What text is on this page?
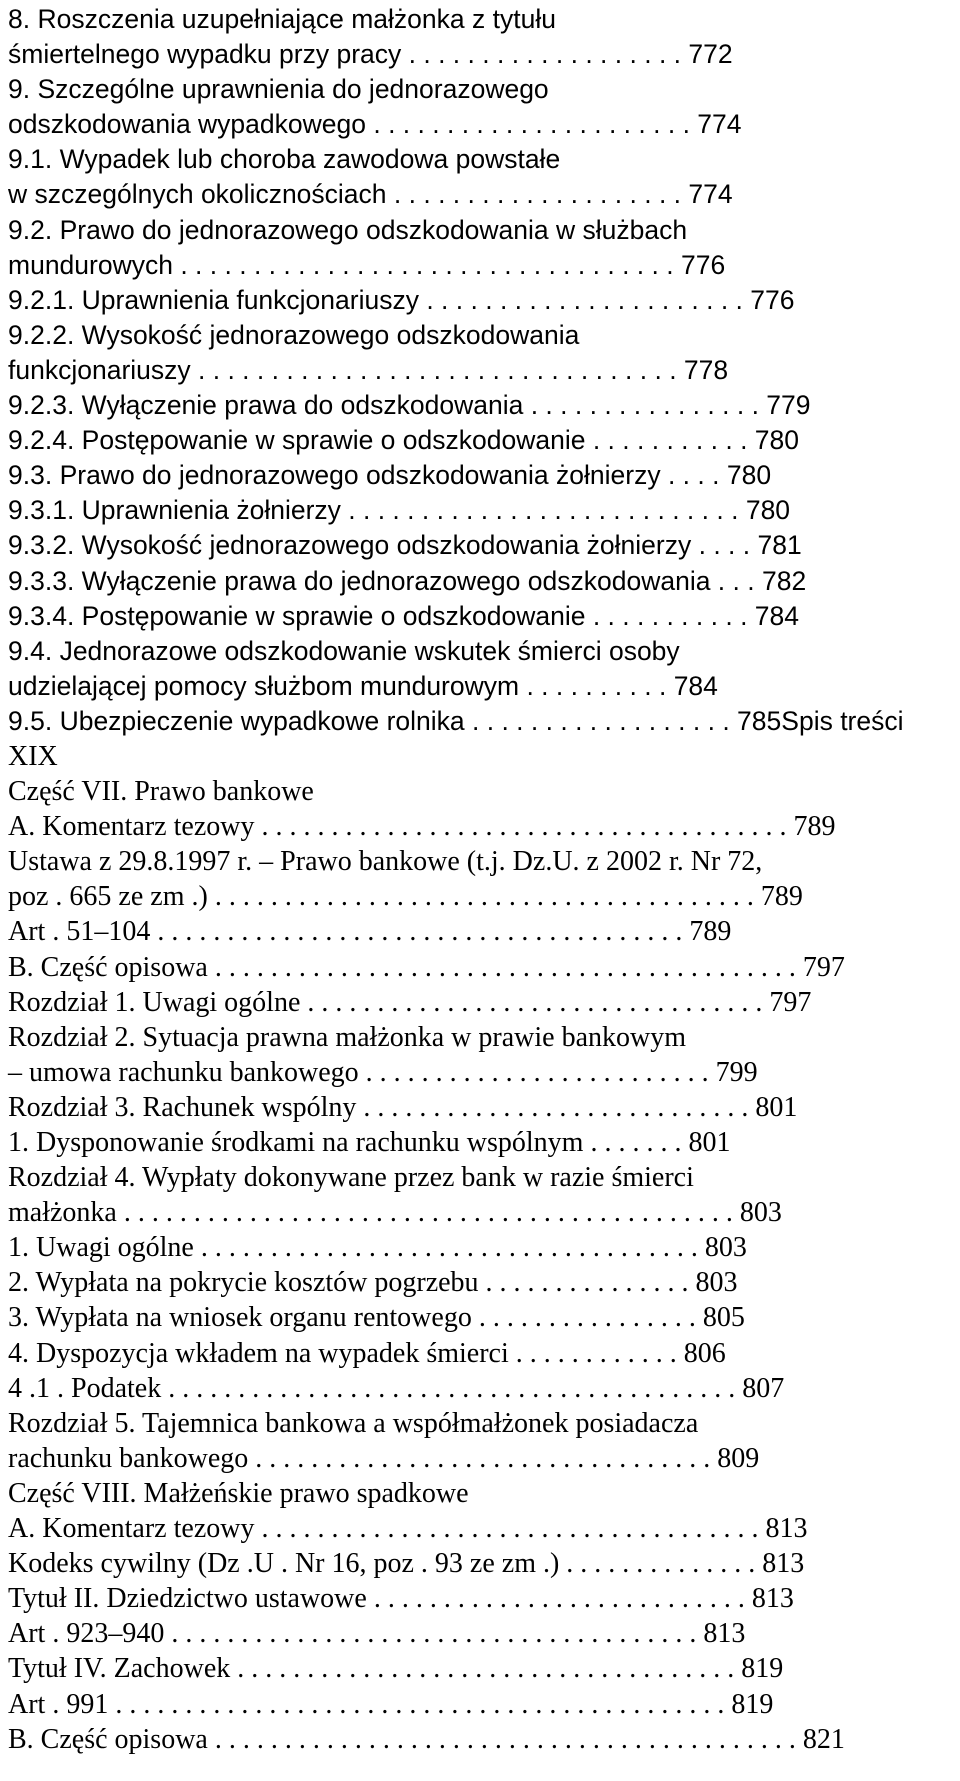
8. Roszczenia uzupełniające małżonka z tytułu
śmiertelnego wypadku przy pracy . . . . . . . . . . . . . . . . . . . 772
9. Szczególne uprawnienia do jednorazowego
odszkodowania wypadkowego . . . . . . . . . . . . . . . . . . . . . . 774
9.1. Wypadek lub choroba zawodowa powstałe
w szczególnych okolicznościach . . . . . . . . . . . . . . . . . . . . 774
9.2. Prawo do jednorazowego odszkodowania w służbach
mundurowych . . . . . . . . . . . . . . . . . . . . . . . . . . . . . . . . . . 776
9.2.1. Uprawnienia funkcjonariuszy . . . . . . . . . . . . . . . . . . . . . . 776
9.2.2. Wysokość jednorazowego odszkodowania
funkcjonariuszy . . . . . . . . . . . . . . . . . . . . . . . . . . . . . . . . . 778
9.2.3. Wyłączenie prawa do odszkodowania . . . . . . . . . . . . . . . . 779
9.2.4. Postępowanie w sprawie o odszkodowanie . . . . . . . . . . . 780
9.3. Prawo do jednorazowego odszkodowania żołnierzy . . . . 780
9.3.1. Uprawnienia żołnierzy . . . . . . . . . . . . . . . . . . . . . . . . . . . 780
9.3.2. Wysokość jednorazowego odszkodowania żołnierzy . . . . 781
9.3.3. Wyłączenie prawa do jednorazowego odszkodowania . . . 782
9.3.4. Postępowanie w sprawie o odszkodowanie . . . . . . . . . . . 784
9.4. Jednorazowe odszkodowanie wskutek śmierci osoby
udzielającej pomocy służbom mundurowym . . . . . . . . . . 784
9.5. Ubezpieczenie wypadkowe rolnika . . . . . . . . . . . . . . . . . . 785Spis treści
XIX
Część VII. Prawo bankowe
A. Komentarz tezowy . . . . . . . . . . . . . . . . . . . . . . . . . . . . . . . . . . . . . . 789
Ustawa z 29.8.1997 r. – Prawo bankowe (t.j. Dz.U. z 2002 r. Nr 72,
poz . 665 ze zm .) . . . . . . . . . . . . . . . . . . . . . . . . . . . . . . . . . . . . . . . 789
Art . 51–104 . . . . . . . . . . . . . . . . . . . . . . . . . . . . . . . . . . . . . . 789
B. Część opisowa . . . . . . . . . . . . . . . . . . . . . . . . . . . . . . . . . . . . . . . . . . 797
Rozdział 1. Uwagi ogólne . . . . . . . . . . . . . . . . . . . . . . . . . . . . . . . . . 797
Rozdział 2. Sytuacja prawna małżonka w prawie bankowym
– umowa rachunku bankowego . . . . . . . . . . . . . . . . . . . . . . . . . 799
Rozdział 3. Rachunek wspólny . . . . . . . . . . . . . . . . . . . . . . . . . . . . 801
1. Dysponowanie środkami na rachunku wspólnym . . . . . . . 801
Rozdział 4. Wypłaty dokonywane przez bank w razie śmierci
małżonka . . . . . . . . . . . . . . . . . . . . . . . . . . . . . . . . . . . . . . . . . . . . 803
1. Uwagi ogólne . . . . . . . . . . . . . . . . . . . . . . . . . . . . . . . . . . . . 803
2. Wypłata na pokrycie kosztów pogrzebu . . . . . . . . . . . . . . . 803
3. Wypłata na wniosek organu rentowego . . . . . . . . . . . . . . . . 805
4. Dyspozycja wkładem na wypadek śmierci . . . . . . . . . . . . 806
4 .1 . Podatek . . . . . . . . . . . . . . . . . . . . . . . . . . . . . . . . . . . . . . . . . 807
Rozdział 5. Tajemnica bankowa a współmałżonek posiadacza
rachunku bankowego . . . . . . . . . . . . . . . . . . . . . . . . . . . . . . . . . 809
Część VIII. Małżeńskie prawo spadkowe
A. Komentarz tezowy . . . . . . . . . . . . . . . . . . . . . . . . . . . . . . . . . . . . 813
Kodeks cywilny (Dz .U . Nr 16, poz . 93 ze zm .) . . . . . . . . . . . . . . 813
Tytuł II. Dziedzictwo ustawowe . . . . . . . . . . . . . . . . . . . . . . . . . . . 813
Art . 923–940 . . . . . . . . . . . . . . . . . . . . . . . . . . . . . . . . . . . . . . 813
Tytuł IV. Zachowek . . . . . . . . . . . . . . . . . . . . . . . . . . . . . . . . . . . . 819
Art . 991 . . . . . . . . . . . . . . . . . . . . . . . . . . . . . . . . . . . . . . . . . . . . 819
B. Część opisowa . . . . . . . . . . . . . . . . . . . . . . . . . . . . . . . . . . . . . . . . . . 821
